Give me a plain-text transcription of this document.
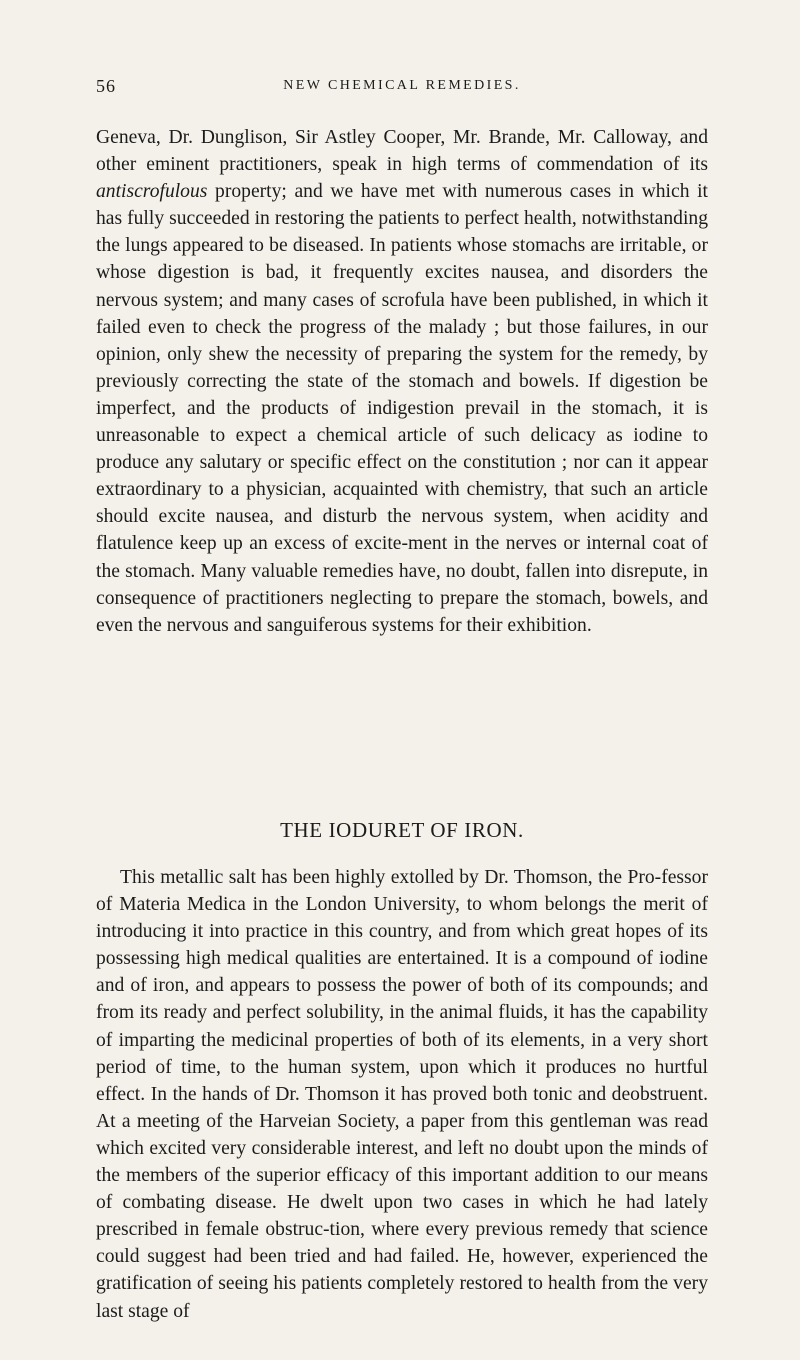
56	NEW CHEMICAL REMEDIES.

Geneva, Dr. Dunglison, Sir Astley Cooper, Mr. Brande, Mr. Calloway, and other eminent practitioners, speak in high terms of commendation of its antiscrofulous property; and we have met with numerous cases in which it has fully succeeded in restoring the patients to perfect health, notwithstanding the lungs appeared to be diseased. In patients whose stomachs are irritable, or whose digestion is bad, it frequently excites nausea, and disorders the nervous system; and many cases of scrofula have been published, in which it failed even to check the progress of the malady ; but those failures, in our opinion, only shew the necessity of preparing the system for the remedy, by previously correcting the state of the stomach and bowels. If digestion be imperfect, and the products of indigestion prevail in the stomach, it is unreasonable to expect a chemical article of such delicacy as iodine to produce any salutary or specific effect on the constitution ; nor can it appear extraordinary to a physician, acquainted with chemistry, that such an article should excite nausea, and disturb the nervous system, when acidity and flatulence keep up an excess of excite-ment in the nerves or internal coat of the stomach. Many valuable remedies have, no doubt, fallen into disrepute, in consequence of practitioners neglecting to prepare the stomach, bowels, and even the nervous and sanguiferous systems for their exhibition.

THE IODURET OF IRON.

This metallic salt has been highly extolled by Dr. Thomson, the Pro-fessor of Materia Medica in the London University, to whom belongs the merit of introducing it into practice in this country, and from which great hopes of its possessing high medical qualities are entertained. It is a compound of iodine and of iron, and appears to possess the power of both of its compounds; and from its ready and perfect solubility, in the animal fluids, it has the capability of imparting the medicinal properties of both of its elements, in a very short period of time, to the human system, upon which it produces no hurtful effect. In the hands of Dr. Thomson it has proved both tonic and deobstruent. At a meeting of the Harveian Society, a paper from this gentleman was read which excited very considerable interest, and left no doubt upon the minds of the members of the superior efficacy of this important addition to our means of combating disease. He dwelt upon two cases in which he had lately prescribed in female obstruc-tion, where every previous remedy that science could suggest had been tried and had failed. He, however, experienced the gratification of seeing his patients completely restored to health from the very last stage of
